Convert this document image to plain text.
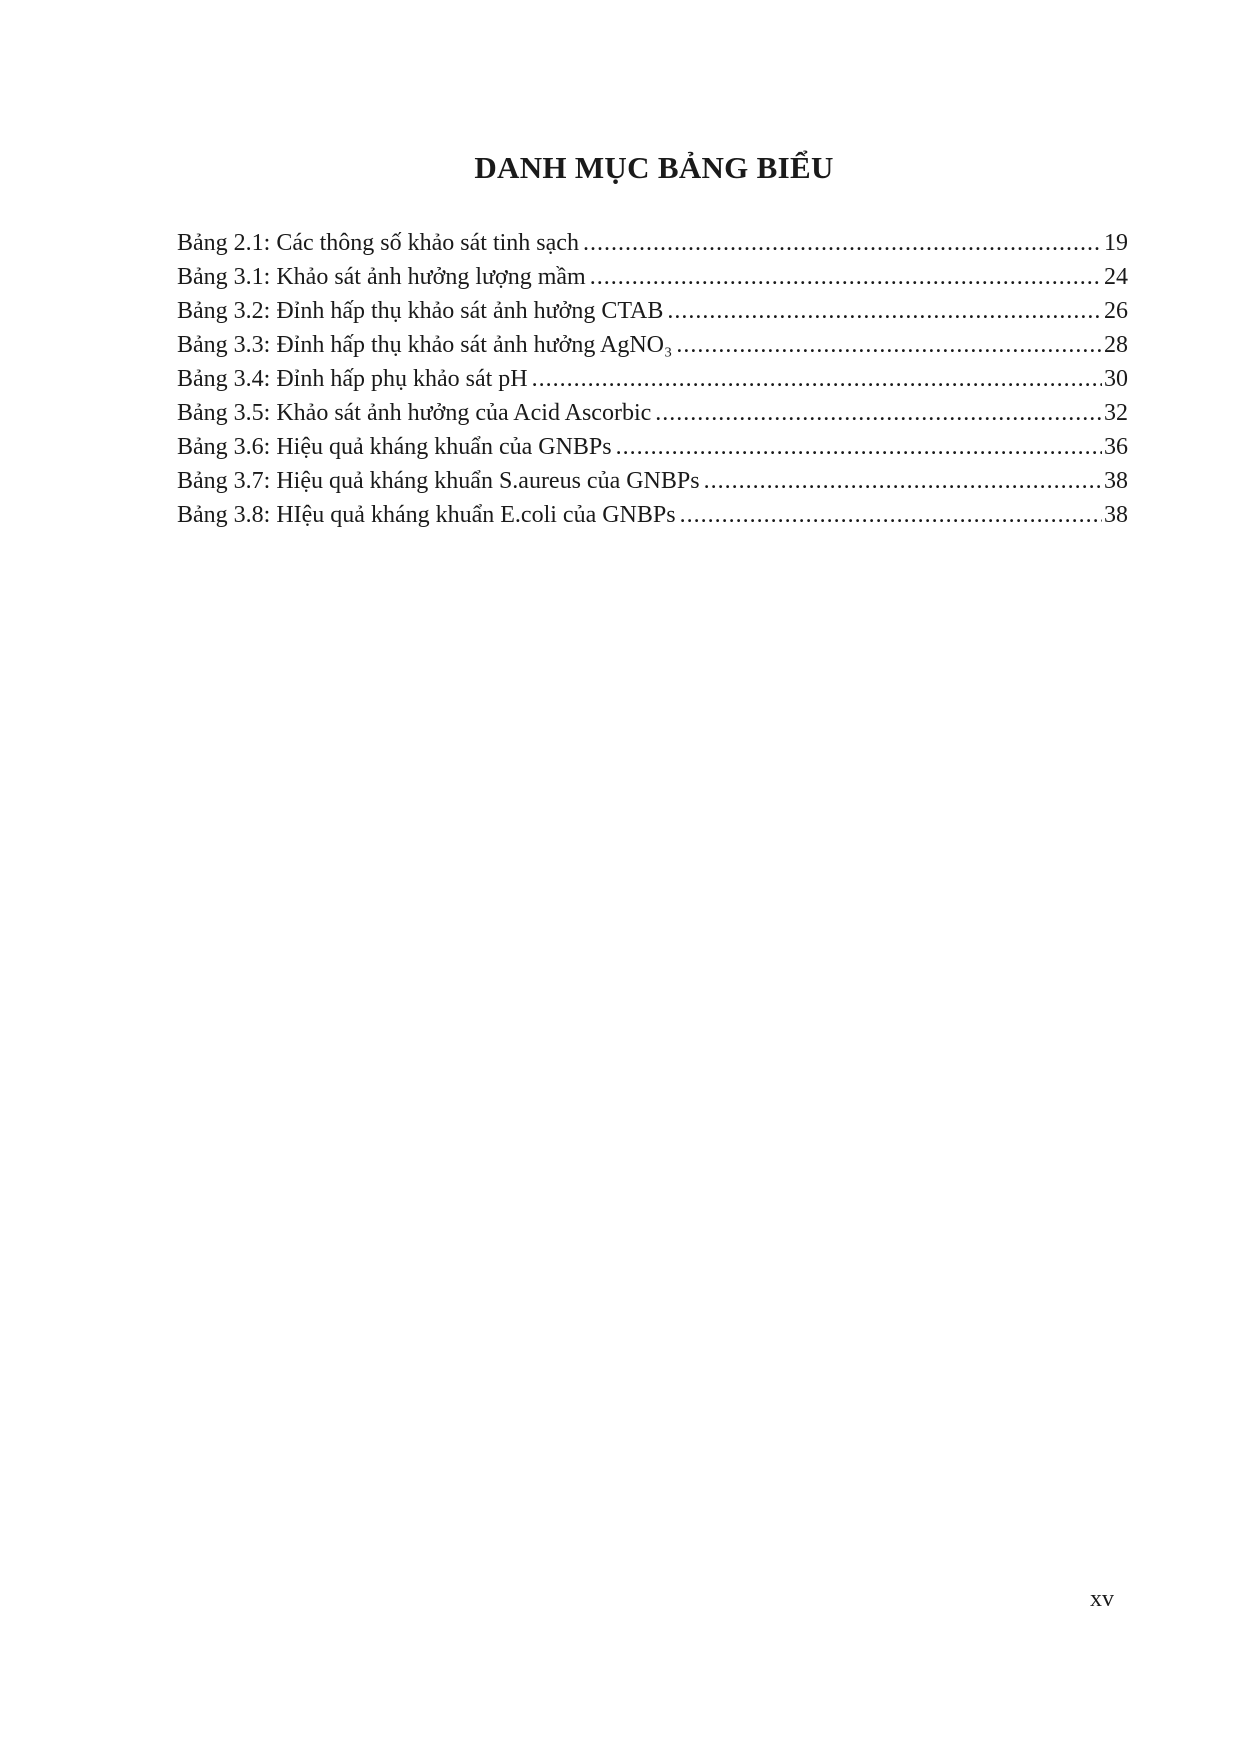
DANH MỤC BẢNG BIỂU
Bảng 2.1: Các thông số khảo sát tinh sạch .....	19
Bảng 3.1: Khảo sát ảnh hưởng lượng mầm .....	24
Bảng 3.2: Đỉnh hấp thụ khảo sát ảnh hưởng CTAB .....	26
Bảng 3.3: Đỉnh hấp thụ khảo sát ảnh hưởng AgNO₃ .....	28
Bảng 3.4: Đỉnh hấp phụ khảo sát pH .....	30
Bảng 3.5: Khảo sát ảnh hưởng của Acid Ascorbic .....	32
Bảng 3.6: Hiệu quả kháng khuẩn của GNBPs .....	36
Bảng 3.7: Hiệu quả kháng khuẩn S.aureus của GNBPs .....	38
Bảng 3.8: HIệu quả kháng khuẩn E.coli của GNBPs .....	38

xv
